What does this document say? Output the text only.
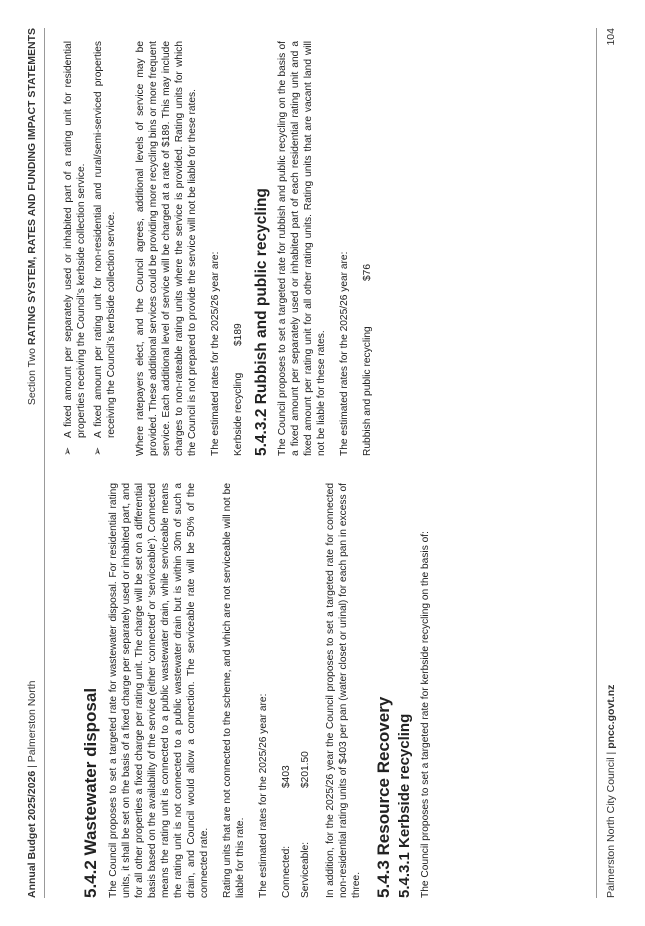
Annual Budget 2025/2026 | Palmerston North
Section Two RATING SYSTEM, RATES AND FUNDING IMPACT STATEMENTS
5.4.2 Wastewater disposal The Council proposes to set a targeted rate for wastewater disposal. For residential rating units, it shall be set on the basis of a fixed charge per separately used or inhabited part, and for all other properties a fixed charge per rating unit. The charge will be set on a differential basis based on the availability of the service (either ‘connected’ or ‘serviceable’). Connected means the rating unit is connected to a public wastewater drain, while serviceable means the rating unit is not connected to a public wastewater drain but is within 30m of such a drain, and Council would allow a connection. The serviceable rate will be 50% of the connected rate. Rating units that are not connected to the scheme, and which are not serviceable will not be liable for this rate. The estimated rates for the 2025/26 year are: Connected:
$403
Serviceable:
$201.50 In addition, for the 2025/26 year the Council proposes to set a targeted rate for connected non-residential rating units of $403 per pan (water closet or urinal) for each pan in excess of three. 5.4.3 Resource Recovery 5.4.3.1 Kerbside recycling The Council proposes to set a targeted rate for kerbside recycling on the basis of:

➢
A fixed amount per separately used or inhabited part of a rating unit for residential properties receiving the Council’s kerbside collection service.
➢
A fixed amount per rating unit for non-residential and rural/semi-serviced properties receiving the Council’s kerbside collection service. Where ratepayers elect, and the Council agrees, additional levels of service may be provided. These additional services could be providing more recycling bins or more frequent service. Each additional level of service will be charged at a rate of $189. This may include charges to non-rateable rating units where the service is provided. Rating units for which the Council is not prepared to provide the service will not be liable for these rates. The estimated rates for the 2025/26 year are: Kerbside recycling
$189 5.4.3.2 Rubbish and public recycling The Council proposes to set a targeted rate for rubbish and public recycling on the basis of a fixed amount per separately used or inhabited part of each residential rating unit and a fixed amount per rating unit for all other rating units. Rating units that are vacant land will not be liable for these rates. The estimated rates for the 2025/26 year are: Rubbish and public recycling
$76
Palmerston North City Council | pncc.govt.nz
104
